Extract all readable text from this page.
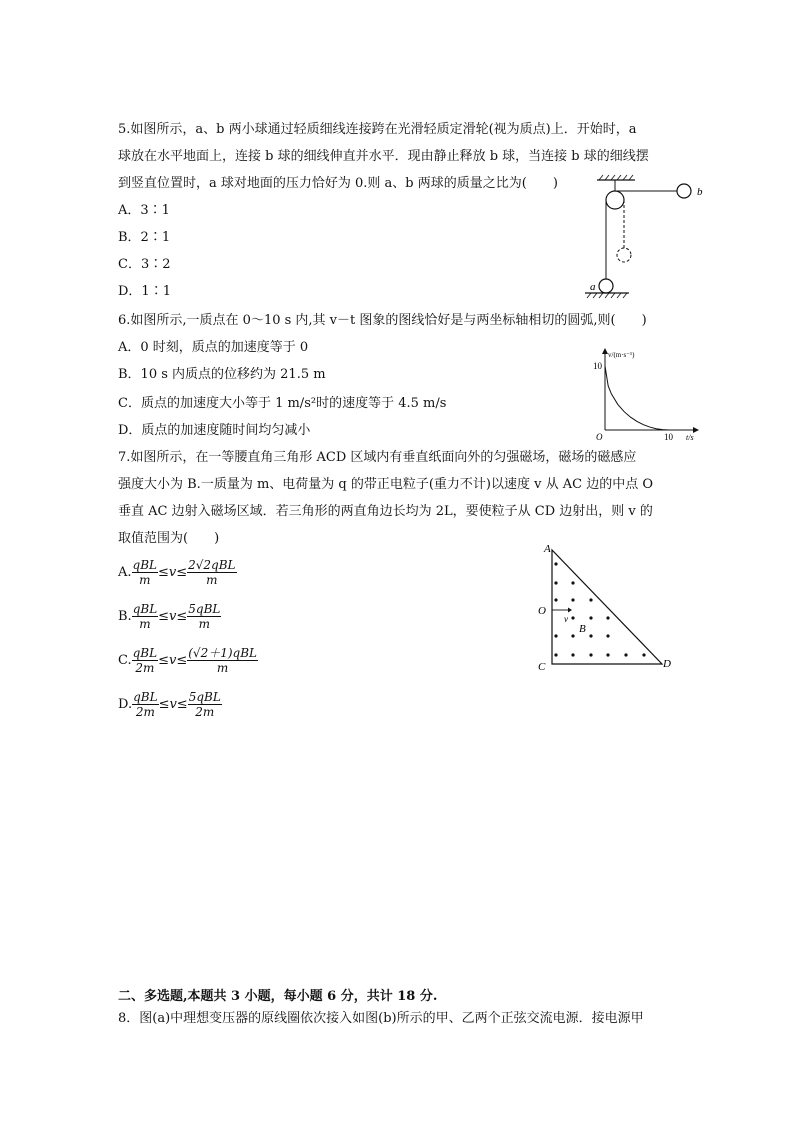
5.如图所示，a、b 两小球通过轻质细线连接跨在光滑轻质定滑轮(视为质点)上．开始时，a
球放在水平地面上，连接 b 球的细线伸直并水平．现由静止释放 b 球，当连接 b 球的细线摆
到竖直位置时，a 球对地面的压力恰好为 0.则 a、b 两球的质量之比为(　　)
A．3∶1
B．2∶1
C．3∶2
D．1∶1
b
a
6.如图所示,一质点在 0～10 s 内,其 v－t 图象的图线恰好是与两坐标轴相切的圆弧,则(　　)
A．0 时刻，质点的加速度等于 0
B．10 s 内质点的位移约为 21.5 m
C．质点的加速度大小等于 1 m/s²时的速度等于 4.5 m/s
D．质点的加速度随时间均匀减小
v/(m·s⁻¹)
t/s
O	10
10
7.如图所示，在一等腰直角三角形 ACD 区域内有垂直纸面向外的匀强磁场，磁场的磁感应
强度大小为 B.一质量为 m、电荷量为 q 的带正电粒子(重力不计)以速度 v 从 AC 边的中点 O
垂直 AC 边射入磁场区域．若三角形的两直角边长均为 2L，要使粒子从 CD 边射出，则 v 的
取值范围为(　　)
A. $\frac{\text{qBL}}{m} \le v\le \frac{\text{2√2qBL}}{m}$
B. $\frac{\text{qBL}}{m} \le v\le \frac{\text{5qBL}}{m}$
C. $\frac{\text{qBL}}{2m} \le v\le \frac{\text{(√2＋1)qBL}}{m}$
D. $\frac{\text{qBL}}{2m} \le v\le \frac{\text{5qBL}}{2m}$
A
O
C	D
v
B
二、多选题,本题共 3 小题，每小题 6 分，共计 18 分.
8．图(a)中理想变压器的原线圈依次接入如图(b)所示的甲、乙两个正弦交流电源．接电源甲
